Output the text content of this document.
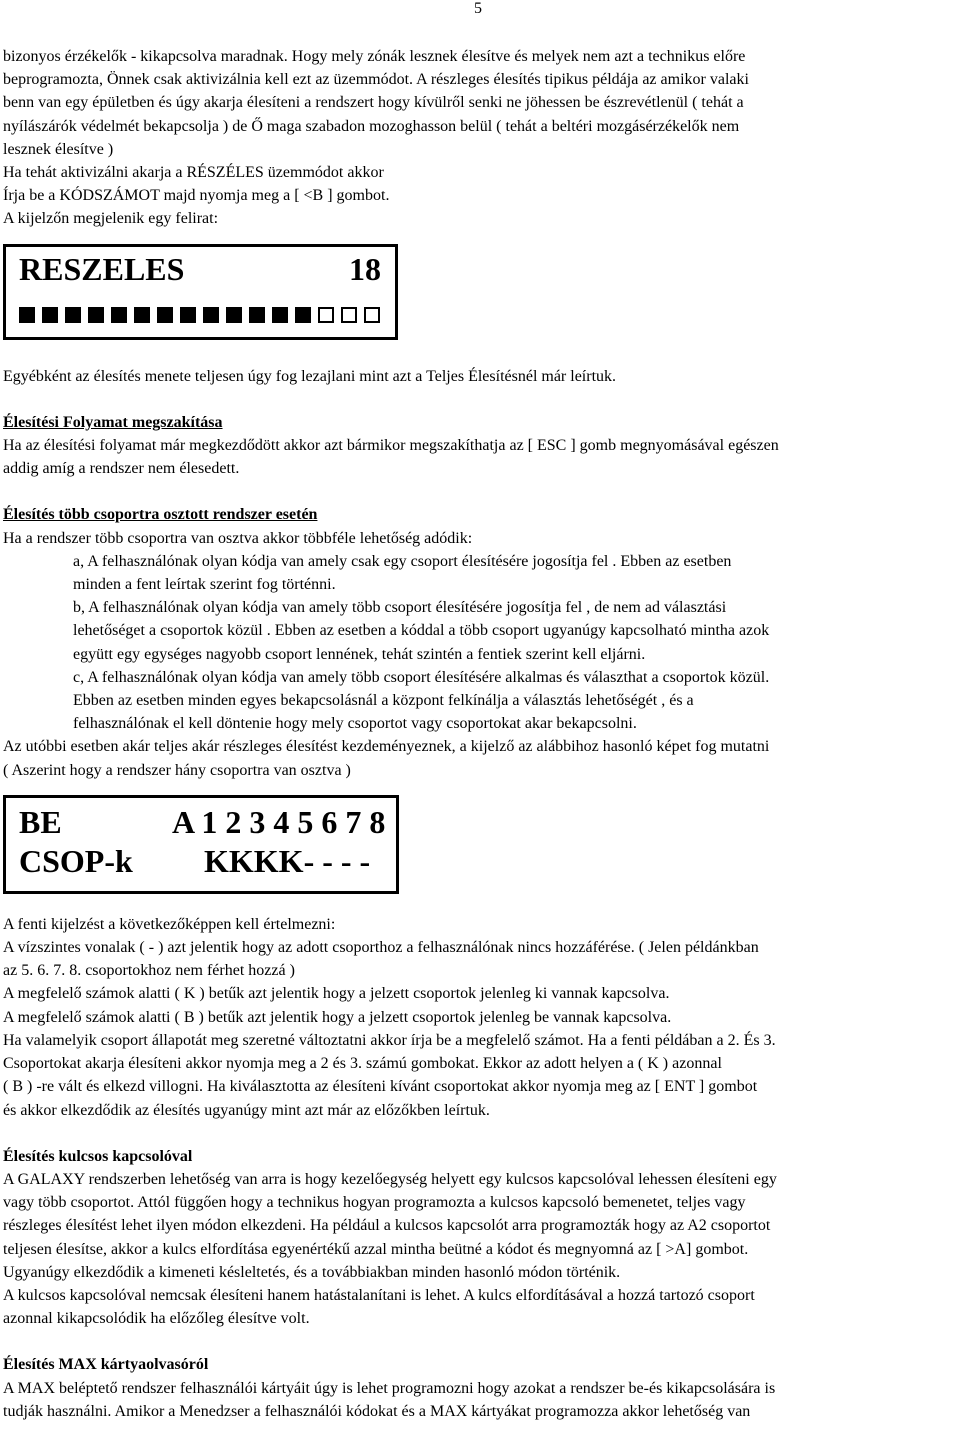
5

bizonyos érzékelők - kikapcsolva maradnak. Hogy mely zónák lesznek élesítve és melyek nem azt a technikus előre

beprogramozta, Önnek csak aktivizálnia kell ezt az üzemmódot. A részleges élesítés tipikus példája az amikor valaki

benn van egy épületben és úgy akarja élesíteni a rendszert hogy kívülről senki ne jöhessen be észrevétlenül ( tehát a

nyílászárók védelmét bekapcsolja ) de Ő maga szabadon mozoghasson belül ( tehát a beltéri mozgásérzékelők nem

lesznek élesítve )

Ha tehát aktivizálni akarja a RÉSZÉLES üzemmódot akkor

Írja be a KÓDSZÁMOT majd nyomja meg a [ <B ] gombot.

A kijelzőn megjelenik egy felirat:

RESZELES	18

Egyébként az élesítés menete teljesen úgy fog lezajlani mint azt a Teljes Élesítésnél már leírtuk.

Élesítési Folyamat megszakítása

Ha az élesítési folyamat már megkezdődött akkor azt bármikor megszakíthatja az [ ESC ] gomb megnyomásával egészen

addig amíg a rendszer nem élesedett.

Élesítés több csoportra osztott rendszer esetén

Ha a rendszer több csoportra van osztva akkor többféle lehetőség adódik:

a, A felhasználónak olyan kódja van amely csak egy csoport élesítésére jogosítja fel . Ebben az esetben

minden a fent leírtak szerint fog történni.

b, A felhasználónak olyan kódja van amely több csoport élesítésére jogosítja fel , de nem ad választási

lehetőséget a csoportok közül . Ebben az esetben a kóddal a több csoport ugyanúgy kapcsolható mintha azok

együtt egy egységes nagyobb csoport lennének, tehát szintén a fentiek szerint kell eljárni.

c, A felhasználónak olyan kódja van amely több csoport élesítésére alkalmas és választhat a csoportok közül.

Ebben az esetben minden egyes bekapcsolásnál a központ felkínálja a választás lehetőségét , és a

felhasználónak el kell döntenie hogy mely csoportot vagy csoportokat akar bekapcsolni.

Az utóbbi esetben akár teljes akár részleges élesítést kezdeményeznek, a kijelző az alábbihoz hasonló képet fog mutatni

( Aszerint hogy a rendszer hány csoportra van osztva )

BE	A 1 2 3 4 5 6 7 8
CSOP-k KKKK- - - -

A fenti kijelzést a következőképpen kell értelmezni:

A vízszintes vonalak ( - ) azt jelentik hogy az adott csoporthoz a felhasználónak nincs hozzáférése. ( Jelen példánkban

az 5. 6. 7. 8. csoportokhoz nem férhet hozzá )

A megfelelő számok alatti ( K ) betűk azt jelentik hogy a jelzett csoportok jelenleg ki vannak kapcsolva.

A megfelelő számok alatti ( B ) betűk azt jelentik hogy a jelzett csoportok jelenleg be vannak kapcsolva.

Ha valamelyik csoport állapotát meg szeretné változtatni akkor írja be a megfelelő számot. Ha a fenti példában a 2. És 3.

Csoportokat akarja élesíteni akkor nyomja meg a 2 és 3. számú gombokat. Ekkor az adott helyen a ( K ) azonnal

( B ) -re vált és elkezd villogni. Ha kiválasztotta az élesíteni kívánt csoportokat akkor nyomja meg az [ ENT ] gombot

és akkor elkezdődik az élesítés ugyanúgy mint azt már az előzőkben leírtuk.

Élesítés kulcsos kapcsolóval

A GALAXY rendszerben lehetőség van arra is hogy kezelőegység helyett egy kulcsos kapcsolóval lehessen élesíteni egy

vagy több csoportot. Attól függően hogy a technikus hogyan programozta a kulcsos kapcsoló bemenetet, teljes vagy

részleges élesítést lehet ilyen módon elkezdeni. Ha például a kulcsos kapcsolót arra programozták hogy az A2 csoportot

teljesen élesítse, akkor a kulcs elfordítása egyenértékű azzal mintha beütné a kódot és megnyomná az [ >A] gombot.

Ugyanúgy elkezdődik a kimeneti késleltetés, és a továbbiakban minden hasonló módon történik.

A kulcsos kapcsolóval nemcsak élesíteni hanem hatástalanítani is lehet. A kulcs elfordításával a hozzá tartozó csoport

azonnal kikapcsolódik ha előzőleg élesítve volt.

Élesítés MAX kártyaolvasóról

A MAX beléptető rendszer felhasználói kártyáit úgy is lehet programozni hogy azokat a rendszer be-és kikapcsolására is

tudják használni. Amikor a Menedzser a felhasználói kódokat és a MAX kártyákat programozza akkor lehetőség van
